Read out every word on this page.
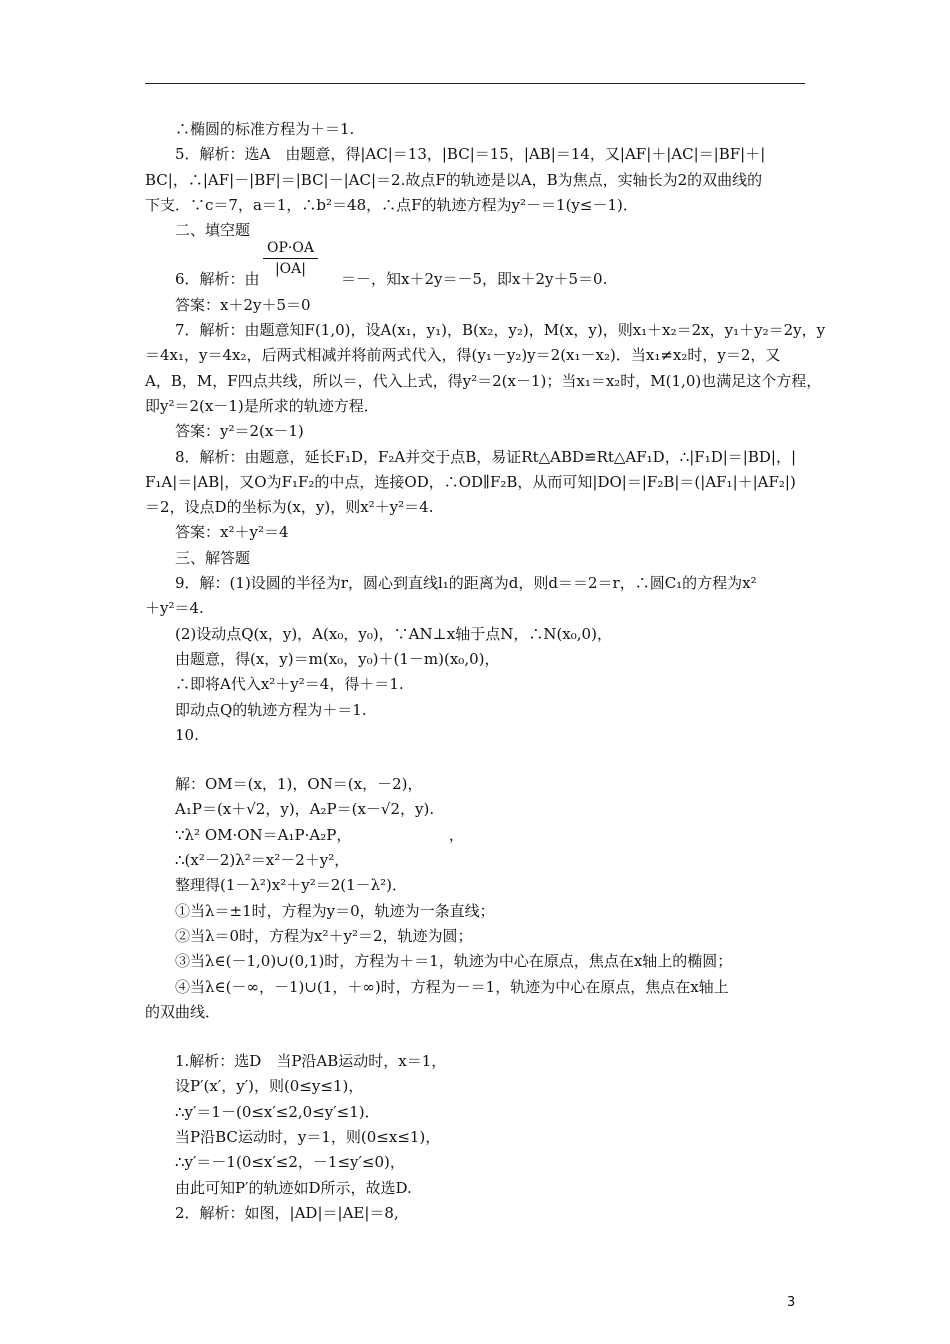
∴椭圆的标准方程为＋＝1.
5．解析：选A　由题意，得|AC|＝13，|BC|＝15，|AB|＝14，又|AF|＋|AC|＝|BF|＋|
BC|，∴|AF|－|BF|＝|BC|－|AC|＝2.故点F的轨迹是以A，B为焦点，实轴长为2的双曲线的
下支．∵c＝7，a＝1，∴b²＝48，∴点F的轨迹方程为y²－＝1(y≤－1)．
二、填空题
6．解析：由
OP·OA
|OA|
＝－，知x＋2y＝－5，即x＋2y＋5＝0.
答案：x＋2y＋5＝0
7．解析：由题意知F(1,0)，设A(x₁，y₁)，B(x₂，y₂)，M(x，y)，则x₁＋x₂＝2x，y₁＋y₂＝2y，y
＝4x₁，y＝4x₂，后两式相减并将前两式代入，得(y₁－y₂)y＝2(x₁－x₂)．当x₁≠x₂时，y＝2，又
A，B，M，F四点共线，所以＝，代入上式，得y²＝2(x－1)；当x₁＝x₂时，M(1,0)也满足这个方程，
即y²＝2(x－1)是所求的轨迹方程．
答案：y²＝2(x－1)
8．解析：由题意，延长F₁D，F₂A并交于点B，易证Rt△ABD≌Rt△AF₁D，∴|F₁D|＝|BD|，|
F₁A|＝|AB|，又O为F₁F₂的中点，连接OD，∴OD∥F₂B，从而可知|DO|＝|F₂B|＝(|AF₁|＋|AF₂|)
＝2，设点D的坐标为(x，y)，则x²＋y²＝4.
答案：x²＋y²＝4
三、解答题
9．解：(1)设圆的半径为r，圆心到直线l₁的距离为d，则d＝＝2＝r，∴圆C₁的方程为x²
＋y²＝4.
(2)设动点Q(x，y)，A(x₀，y₀)，∵AN⊥x轴于点N，∴N(x₀,0)，
由题意，得(x，y)＝m(x₀，y₀)＋(1－m)(x₀,0)，
∴即将A代入x²＋y²＝4，得＋＝1.
即动点Q的轨迹方程为＋＝1.
10.
解：OM＝(x，1)，ON＝(x，－2)，
A₁P＝(x＋√2，y)，A₂P＝(x－√2，y).
∵λ² OM·ON＝A₁P·A₂P，　　　　　　　，
∴(x²－2)λ²＝x²－2＋y²，
整理得(1－λ²)x²＋y²＝2(1－λ²)．
①当λ＝±1时，方程为y＝0，轨迹为一条直线；
②当λ＝0时，方程为x²＋y²＝2，轨迹为圆；
③当λ∈(－1,0)∪(0,1)时，方程为＋＝1，轨迹为中心在原点，焦点在x轴上的椭圆；
④当λ∈(－∞，－1)∪(1，＋∞)时，方程为－＝1，轨迹为中心在原点，焦点在x轴上
的双曲线．
1.解析：选D　当P沿AB运动时，x＝1，
设P′(x′，y′)，则(0≤y≤1)，
∴y′＝1－(0≤x′≤2,0≤y′≤1)．
当P沿BC运动时，y＝1，则(0≤x≤1)，
∴y′＝－1(0≤x′≤2，－1≤y′≤0)，
由此可知P′的轨迹如D所示，故选D.
2．解析：如图，|AD|＝|AE|＝8,
3
